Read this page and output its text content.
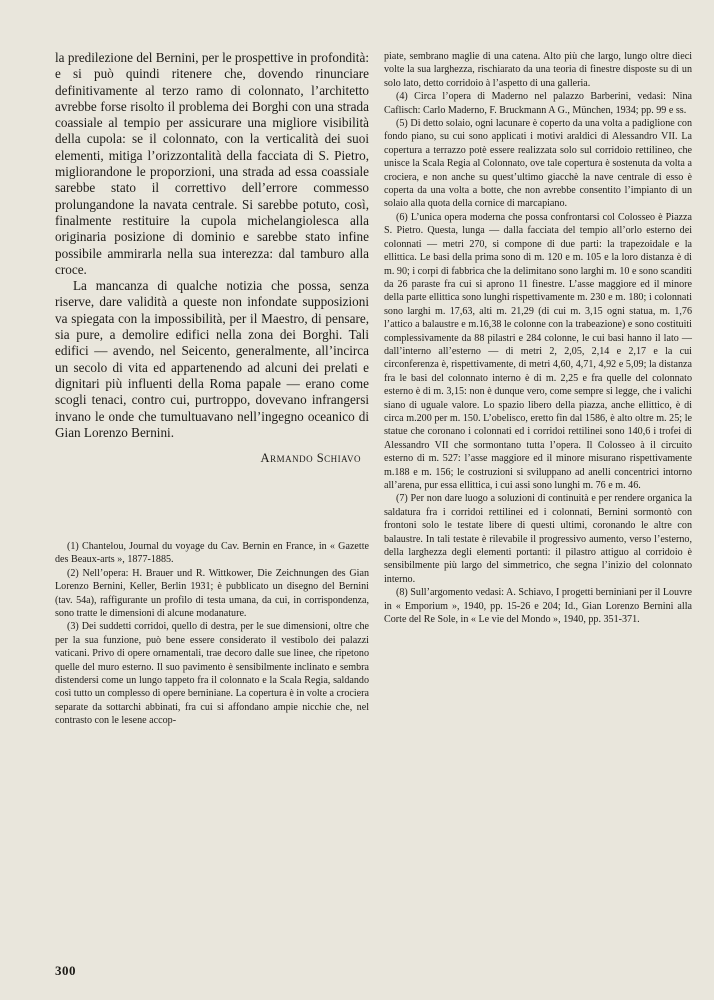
la predilezione del Bernini, per le prospettive in profondità: e si può quindi ritenere che, dovendo rinunciare definitivamente al terzo ramo di colonnato, l’architetto avrebbe forse risolto il problema dei Borghi con una strada coassiale al tempio per assicurare una migliore visibilità della cupola: se il colonnato, con la verticalità dei suoi elementi, mitiga l’orizzontalità della facciata di S. Pietro, migliorandone le proporzioni, una strada ad essa coassiale sarebbe stato il correttivo dell’errore commesso prolungandone la navata centrale. Si sarebbe potuto, così, finalmente restituire la cupola michelangiolesca alla originaria posizione di dominio e sarebbe stato infine possibile ammirarla nella sua interezza: dal tamburo alla croce.

La mancanza di qualche notizia che possa, senza riserve, dare validità a queste non infondate supposizioni va spiegata con la impossibilità, per il Maestro, di pensare, sia pure, a demolire edifici nella zona dei Borghi. Tali edifici — avendo, nel Seicento, generalmente, all’incirca un secolo di vita ed appartenendo ad alcuni dei prelati e dignitari più influenti della Roma papale — erano come scogli tenaci, contro cui, purtroppo, dovevano infrangersi invano le onde che tumultuavano nell’ingegno oceanico di Gian Lorenzo Bernini.

Armando Schiavo

(1) Chantelou, Journal du voyage du Cav. Bernin en France, in « Gazette des Beaux-arts », 1877-1885.

(2) Nell’opera: H. Brauer und R. Wittkower, Die Zeichnungen des Gian Lorenzo Bernini, Keller, Berlin 1931; è pubblicato un disegno del Bernini (tav. 54a), raffigurante un profilo di testa umana, da cui, in corrispondenza, sono tratte le dimensioni di alcune modanature.

(3) Dei suddetti corridoi, quello di destra, per le sue dimensioni, oltre che per la sua funzione, può bene essere considerato il vestibolo dei palazzi vaticani. Privo di opere ornamentali, trae decoro dalle sue linee, che ripetono quelle del muro esterno. Il suo pavimento è sensibilmente inclinato e sembra distendersi come un lungo tappeto fra il colonnato e la Scala Regia, saldando così tutto un complesso di opere berniniane. La copertura è in volte a crociera separate da sottarchi abbinati, fra cui si affondano ampie nicchie che, nel contrasto con le lesene accop-

piate, sembrano maglie di una catena. Alto più che largo, lungo oltre dieci volte la sua larghezza, rischiarato da una teoria di finestre disposte su di un solo lato, detto corridoio à l’aspetto di una galleria.

(4) Circa l’opera di Maderno nel palazzo Barberini, vedasi: Nina Caflisch: Carlo Maderno, F. Bruckmann A G., München, 1934; pp. 99 e ss.

(5) Di detto solaio, ogni lacunare è coperto da una volta a padiglione con fondo piano, su cui sono applicati i motivi araldici di Alessandro VII. La copertura a terrazzo potè essere realizzata solo sul corridoio rettilineo, che unisce la Scala Regia al Colonnato, ove tale copertura è sostenuta da volta a crociera, e non anche su quest’ultimo giacchè la nave centrale di esso è coperta da una volta a botte, che non avrebbe consentito l’impianto di un solaio alla quota della cornice di marcapiano.

(6) L’unica opera moderna che possa confrontarsi col Colosseo è Piazza S. Pietro. Questa, lunga — dalla facciata del tempio all’orlo esterno dei colonnati — metri 270, si compone di due parti: la trapezoidale e la ellittica. Le basi della prima sono di m. 120 e m. 105 e la loro distanza è di m. 90; i corpi di fabbrica che la delimitano sono larghi m. 10 e sono scanditi da 26 paraste fra cui si aprono 11 finestre. L’asse maggiore ed il minore della parte ellittica sono lunghi rispettivamente m. 230 e m. 180; i colonnati sono larghi m. 17,63, alti m. 21,29 (di cui m. 3,15 ogni statua, m. 1,76 l’attico a balaustre e m.16,38 le colonne con la trabeazione) e sono costituiti complessivamente da 88 pilastri e 284 colonne, le cui basi hanno il lato — dall’interno all’esterno — di metri 2, 2,05, 2,14 e 2,17 e la cui circonferenza è, rispettivamente, di metri 4,60, 4,71, 4,92 e 5,09; la distanza fra le basi del colonnato interno è di m. 2,25 e fra quelle del colonnato esterno è di m. 3,15: non è dunque vero, come sempre si legge, che i valichi siano di uguale valore. Lo spazio libero della piazza, anche ellittico, è di circa m.200 per m. 150. L’obelisco, eretto fin dal 1586, è alto oltre m. 25; le statue che coronano i colonnati ed i corridoi rettilinei sono 140,6 i trofei di Alessandro VII che sormontano tutta l’opera. Il Colosseo à il circuito esterno di m. 527: l’asse maggiore ed il minore misurano rispettivamente m.188 e m. 156; le costruzioni si sviluppano ad anelli concentrici intorno all’arena, pur essa ellittica, i cui assi sono lunghi m. 76 e m. 46.

(7) Per non dare luogo a soluzioni di continuità e per rendere organica la saldatura fra i corridoi rettilinei ed i colonnati, Bernini sormontò con frontoni solo le testate libere di questi ultimi, coronando le altre con balaustre. In tali testate è rilevabile il progressivo aumento, verso l’esterno, della larghezza degli elementi portanti: il pilastro attiguo al corridoio è sensibilmente più largo del simmetrico, che segna l’inizio del colonnato interno.

(8) Sull’argomento vedasi: A. Schiavo, I progetti berniniani per il Louvre in « Emporium », 1940, pp. 15-26 e 204; Id., Gian Lorenzo Bernini alla Corte del Re Sole, in « Le vie del Mondo », 1940, pp. 351-371.

300
